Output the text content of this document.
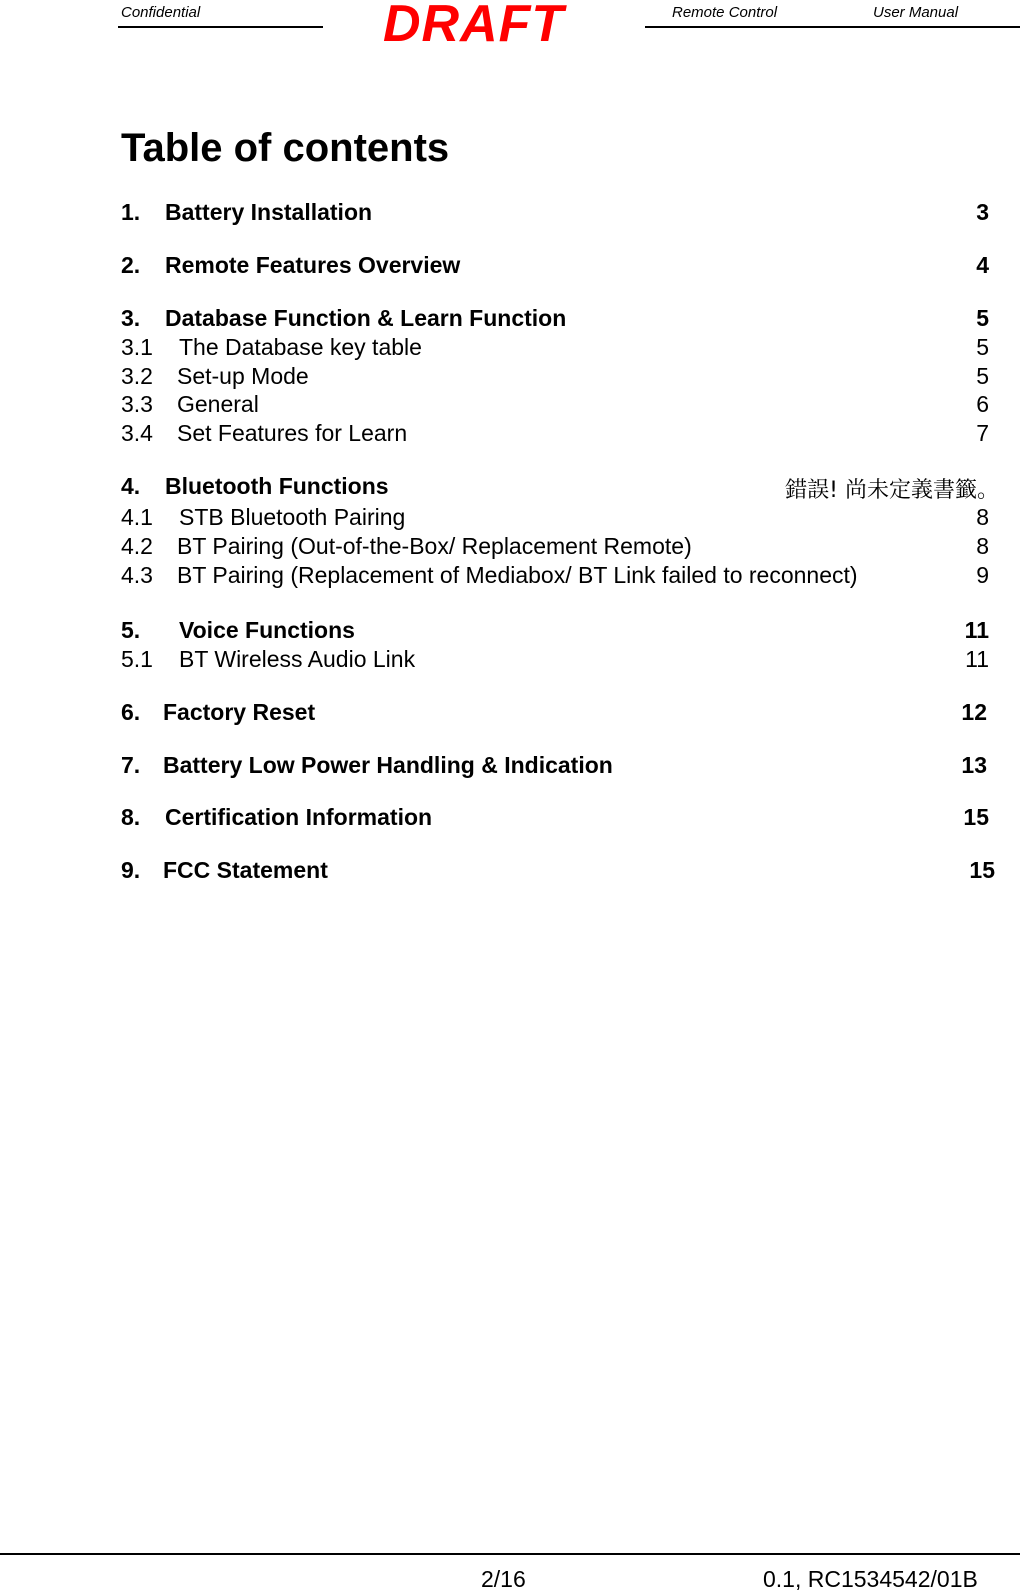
Confidential	DRAFT	Remote Control	User Manual
Table of contents
1. Battery Installation	3
2. Remote Features Overview	4
3. Database Function & Learn Function	5
3.1 The Database key table	5
3.2 Set-up Mode	5
3.3 General	6
3.4 Set Features for Learn	7
4. Bluetooth Functions	錯誤! 尚未定義書籤。
4.1 STB Bluetooth Pairing	8
4.2 BT Pairing (Out-of-the-Box/ Replacement Remote)	8
4.3 BT Pairing (Replacement of Mediabox/ BT Link failed to reconnect)	9
5. Voice Functions	11
5.1 BT Wireless Audio Link	11
6. Factory Reset	12
7. Battery Low Power Handling & Indication	13
8. Certification Information	15
9. FCC Statement	15
2/16	0.1, RC1534542/01B
